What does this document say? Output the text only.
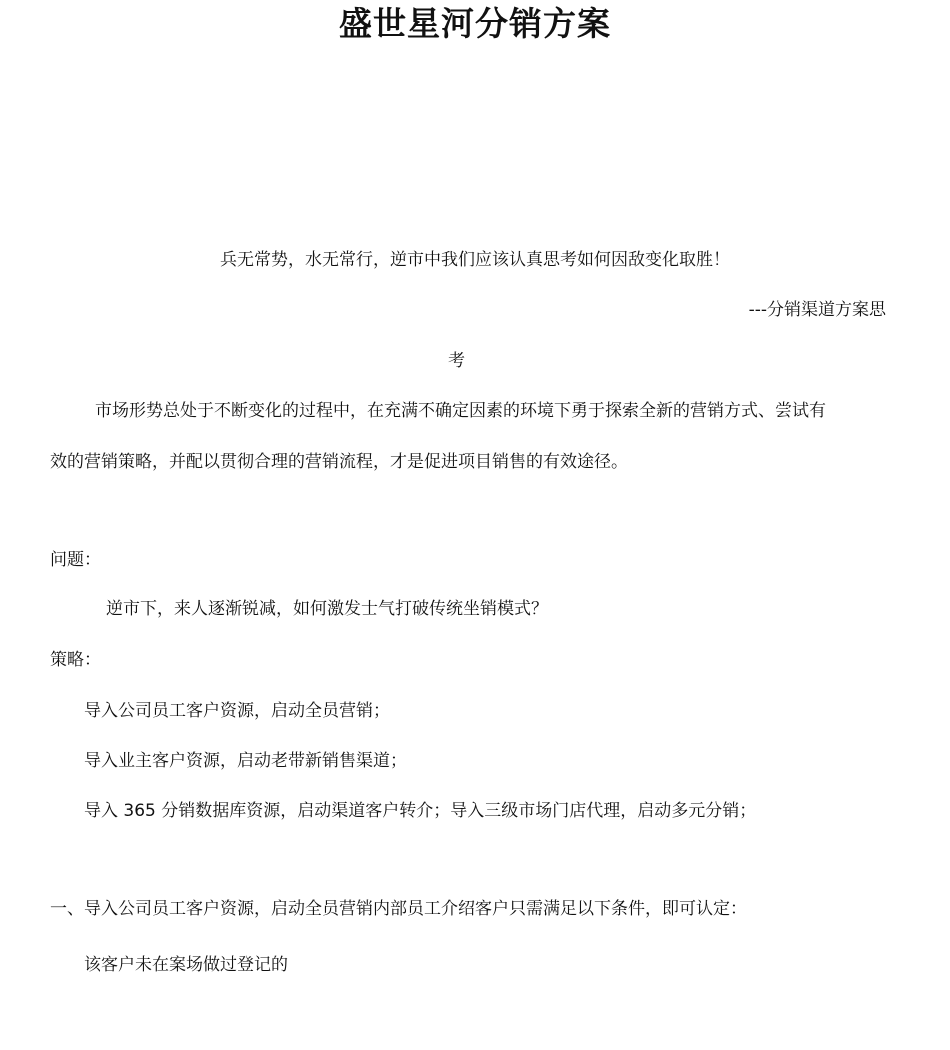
盛世星河分销方案
兵无常势，水无常行，逆市中我们应该认真思考如何因敌变化取胜！
---分销渠道方案思
考
市场形势总处于不断变化的过程中，在充满不确定因素的环境下勇于探索全新的营销方式、尝试有
效的营销策略，并配以贯彻合理的营销流程，才是促进项目销售的有效途径。
问题：
逆市下，来人逐渐锐减，如何激发士气打破传统坐销模式？
策略：
导入公司员工客户资源，启动全员营销；
导入业主客户资源，启动老带新销售渠道；
导入 365 分销数据库资源，启动渠道客户转介；导入三级市场门店代理，启动多元分销；
一、导入公司员工客户资源，启动全员营销内部员工介绍客户只需满足以下条件，即可认定：
该客户未在案场做过登记的
